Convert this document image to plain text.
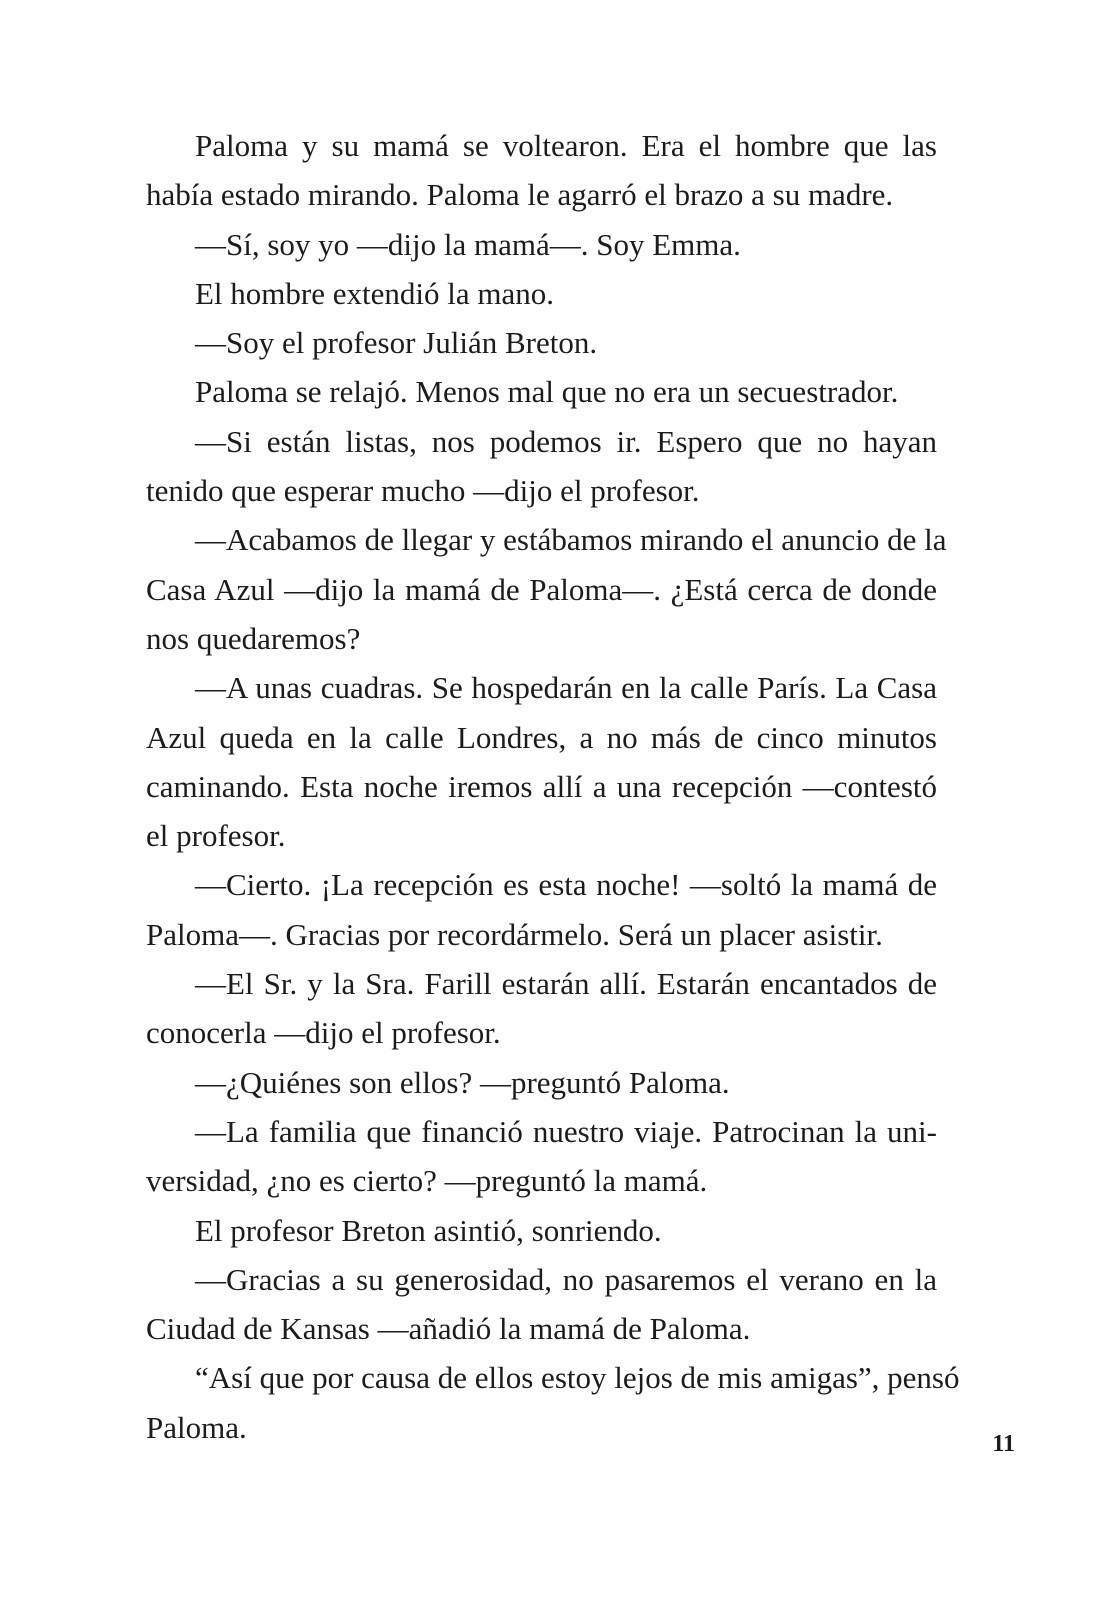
Paloma y su mamá se voltearon. Era el hombre que las
había estado mirando. Paloma le agarró el brazo a su madre.
—Sí, soy yo —dijo la mamá—. Soy Emma.
El hombre extendió la mano.
—Soy el profesor Julián Breton.
Paloma se relajó. Menos mal que no era un secuestrador.
—Si están listas, nos podemos ir. Espero que no hayan
tenido que esperar mucho —dijo el profesor.
—Acabamos de llegar y estábamos mirando el anuncio de la
Casa Azul —dijo la mamá de Paloma—. ¿Está cerca de donde
nos quedaremos?
—A unas cuadras. Se hospedarán en la calle París. La Casa
Azul queda en la calle Londres, a no más de cinco minutos
caminando. Esta noche iremos allí a una recepción —contestó
el profesor.
—Cierto. ¡La recepción es esta noche! —soltó la mamá de
Paloma—. Gracias por recordármelo. Será un placer asistir.
—El Sr. y la Sra. Farill estarán allí. Estarán encantados de
conocerla —dijo el profesor.
—¿Quiénes son ellos? —preguntó Paloma.
—La familia que financió nuestro viaje. Patrocinan la uni-
versidad, ¿no es cierto? —preguntó la mamá.
El profesor Breton asintió, sonriendo.
—Gracias a su generosidad, no pasaremos el verano en la
Ciudad de Kansas —añadió la mamá de Paloma.
“Así que por causa de ellos estoy lejos de mis amigas”, pensó
Paloma.	11
